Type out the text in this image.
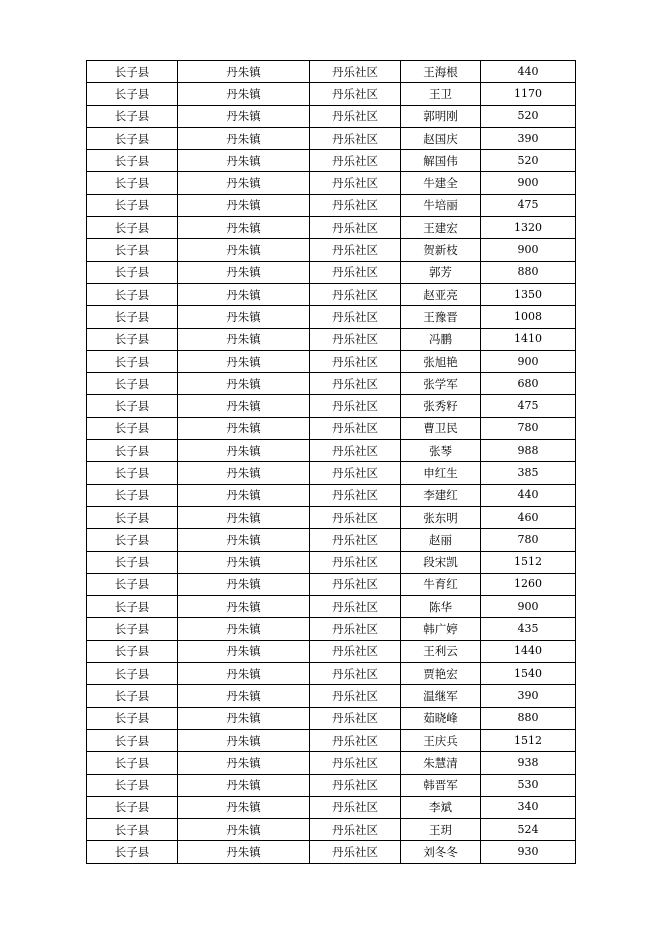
长子县	丹朱镇	丹乐社区	王海根	440
长子县	丹朱镇	丹乐社区	王卫	1170
长子县	丹朱镇	丹乐社区	郭明刚	520
长子县	丹朱镇	丹乐社区	赵国庆	390
长子县	丹朱镇	丹乐社区	解国伟	520
长子县	丹朱镇	丹乐社区	牛建全	900
长子县	丹朱镇	丹乐社区	牛培丽	475
长子县	丹朱镇	丹乐社区	王建宏	1320
长子县	丹朱镇	丹乐社区	贺新枝	900
长子县	丹朱镇	丹乐社区	郭芳	880
长子县	丹朱镇	丹乐社区	赵亚亮	1350
长子县	丹朱镇	丹乐社区	王豫晋	1008
长子县	丹朱镇	丹乐社区	冯鹏	1410
长子县	丹朱镇	丹乐社区	张旭艳	900
长子县	丹朱镇	丹乐社区	张学军	680
长子县	丹朱镇	丹乐社区	张秀籽	475
长子县	丹朱镇	丹乐社区	曹卫民	780
长子县	丹朱镇	丹乐社区	张琴	988
长子县	丹朱镇	丹乐社区	申红生	385
长子县	丹朱镇	丹乐社区	李建红	440
长子县	丹朱镇	丹乐社区	张东明	460
长子县	丹朱镇	丹乐社区	赵丽	780
长子县	丹朱镇	丹乐社区	段宋凯	1512
长子县	丹朱镇	丹乐社区	牛育红	1260
长子县	丹朱镇	丹乐社区	陈华	900
长子县	丹朱镇	丹乐社区	韩广婷	435
长子县	丹朱镇	丹乐社区	王利云	1440
长子县	丹朱镇	丹乐社区	贾艳宏	1540
长子县	丹朱镇	丹乐社区	温继军	390
长子县	丹朱镇	丹乐社区	茹晓峰	880
长子县	丹朱镇	丹乐社区	王庆兵	1512
长子县	丹朱镇	丹乐社区	朱慧清	938
长子县	丹朱镇	丹乐社区	韩晋军	530
长子县	丹朱镇	丹乐社区	李斌	340
长子县	丹朱镇	丹乐社区	王玥	524
长子县	丹朱镇	丹乐社区	刘冬冬	930
